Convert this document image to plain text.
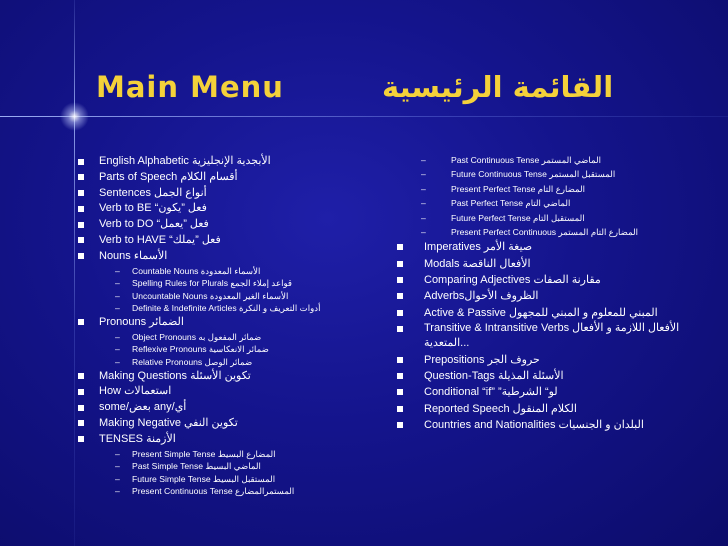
Main Menu	القائمة الرئيسية
English Alphabetic الأبجدية الإنجليزية
Parts of Speech أقسام الكلام
Sentences أنواع الجمل
Verb to BE “فعل ”يكون
Verb to DO “فعل ”يعمل
Verb to HAVE “فعل ”يملك
Nouns الأسماء
– Countable Nouns الأسماء المعدودة
– Spelling Rules for Plurals قواعد إملاء الجمع
– Uncountable Nouns الأسماء الغير المعدودة
– Definite & Indefinite Articles أدوات التعريف و النكرة
Pronouns الضمائر
– Object Pronouns ضمائر المفعول به
– Reflexive Pronouns ضمائر الانعكاسية
– Relative Pronouns ضمائر الوصل
Making Questions تكوين الأسئلة
How استعمالات
some/بعض any/أي
Making Negative تكوين النفي
TENSES الأزمنة
– Present Simple Tense المضارع البسيط
– Past Simple Tense الماضي البسيط
– Future Simple Tense المستقبل البسيط
– Present Continuous Tense المستمرالمضارع
–	Past Continuous Tense الماضي المستمر
–	Future Continuous Tense المستقبل المستمر
–	Present Perfect Tense المضارع التام
–	Past Perfect Tense الماضي التام
–	Future Perfect Tense المستقبل التام
–	Present Perfect Continuous المضارع التام المستمر
Imperatives صيغة الأمر
Modals الأفعال الناقصة
Comparing Adjectives مقارنة الصفات
Adverbsالظروف الأحوال
Active & Passive المبني للمعلوم و المبني للمجهول
Transitive & Intransitive Verbs الأفعال اللازمة و الأفعال المتعدية...
Prepositions حروف الجر
Question-Tags الأسئلة المذيلة
Conditional “if” ”لو“ الشرطية
Reported Speech الكلام المنقول
Countries and Nationalities البلدان و الجنسيات
